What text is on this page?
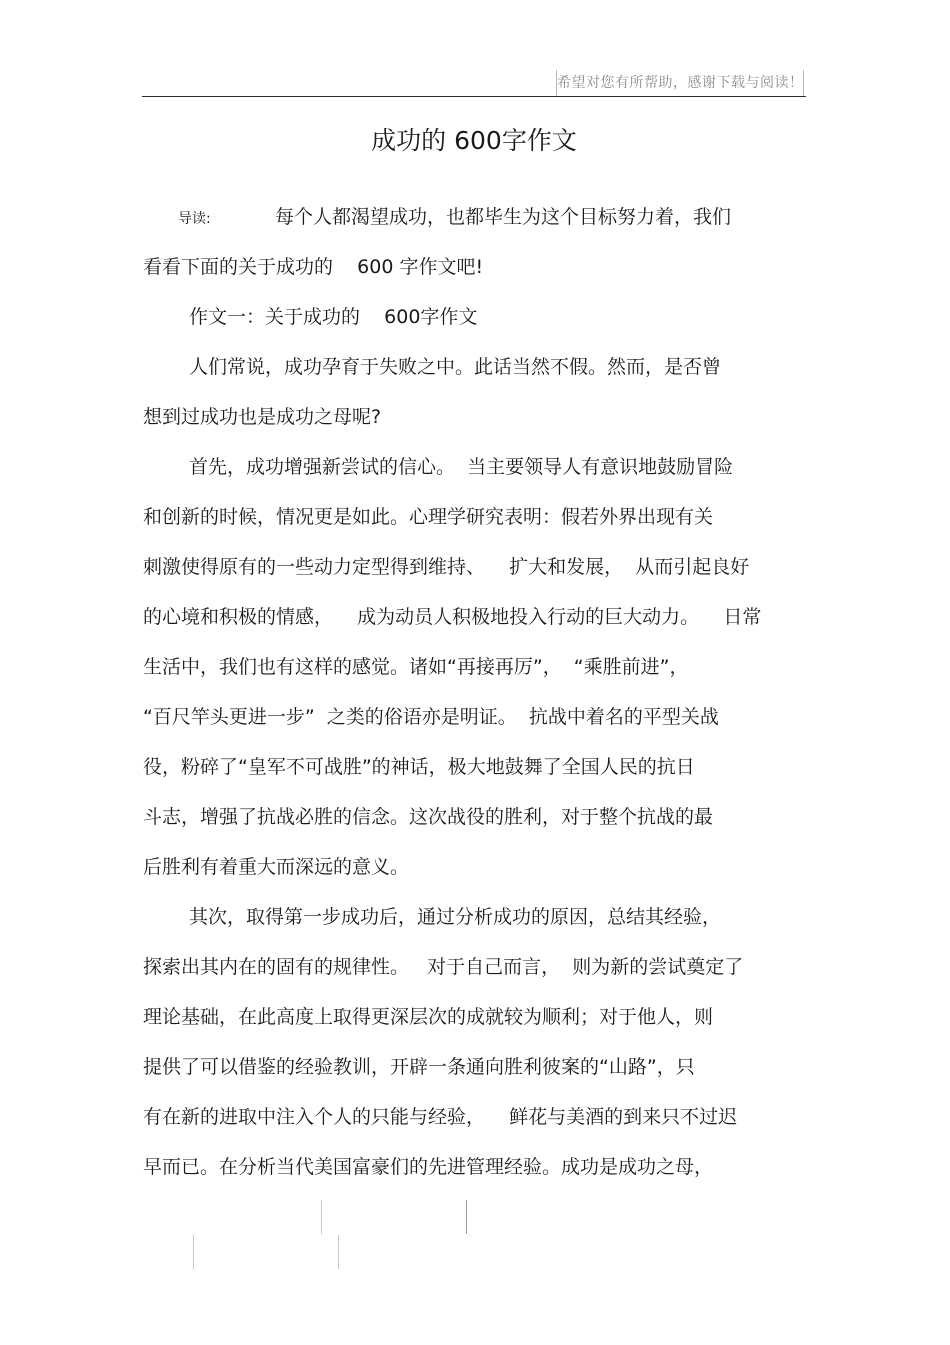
希望对您有所帮助，感谢下载与阅读！
成功的 600字作文
导读:	每个人都渴望成功，也都毕生为这个目标努力着，我们
看看下面的关于成功的    600 字作文吧!
作文一：关于成功的    600字作文
人们常说，成功孕育于失败之中。此话当然不假。然而，是否曾
想到过成功也是成功之母呢?
首先，成功增强新尝试的信心。  当主要领导人有意识地鼓励冒险
和创新的时候，情况更是如此。心理学研究表明：假若外界出现有关
刺激使得原有的一些动力定型得到维持、    扩大和发展，  从而引起良好
的心境和积极的情感，    成为动员人积极地投入行动的巨大动力。    日常
生活中，我们也有这样的感觉。诸如“再接再厉”，  “乘胜前进”，
“百尺竿头更进一步”  之类的俗语亦是明证。  抗战中着名的平型关战
役，粉碎了“皇军不可战胜”的神话，极大地鼓舞了全国人民的抗日
斗志，增强了抗战必胜的信念。这次战役的胜利，对于整个抗战的最
后胜利有着重大而深远的意义。
其次，取得第一步成功后，通过分析成功的原因，总结其经验，
探索出其内在的固有的规律性。   对于自己而言，  则为新的尝试奠定了
理论基础，在此高度上取得更深层次的成就较为顺利；对于他人，则
提供了可以借鉴的经验教训，开辟一条通向胜利彼案的“山路”，只
有在新的进取中注入个人的只能与经验，    鲜花与美酒的到来只不过迟
早而已。在分析当代美国富豪们的先进管理经验。成功是成功之母，
